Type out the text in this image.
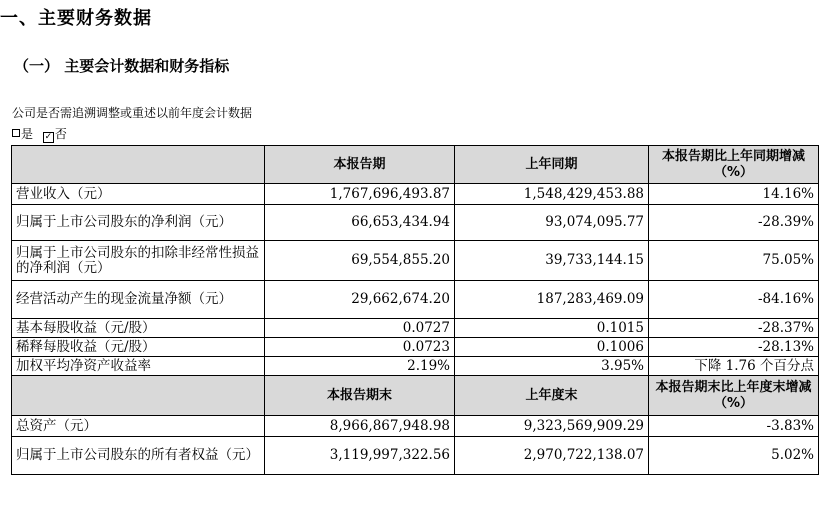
一、主要财务数据
（一） 主要会计数据和财务指标
公司是否需追溯调整或重述以前年度会计数据
是 ✓ 否
	本报告期	上年同期	本报告期比上年同期增减（%）
营业收入（元）	1,767,696,493.87	1,548,429,453.88	14.16%
归属于上市公司股东的净利润（元）	66,653,434.94	93,074,095.77	-28.39%
归属于上市公司股东的扣除非经常性损益的净利润（元）	69,554,855.20	39,733,144.15	75.05%
经营活动产生的现金流量净额（元）	29,662,674.20	187,283,469.09	-84.16%
基本每股收益（元/股）	0.0727	0.1015	-28.37%
稀释每股收益（元/股）	0.0723	0.1006	-28.13%
加权平均净资产收益率	2.19%	3.95%	下降 1.76 个百分点
	本报告期末	上年度末	本报告期末比上年度末增减（%）
总资产（元）	8,966,867,948.98	9,323,569,909.29	-3.83%
归属于上市公司股东的所有者权益（元）	3,119,997,322.56	2,970,722,138.07	5.02%
